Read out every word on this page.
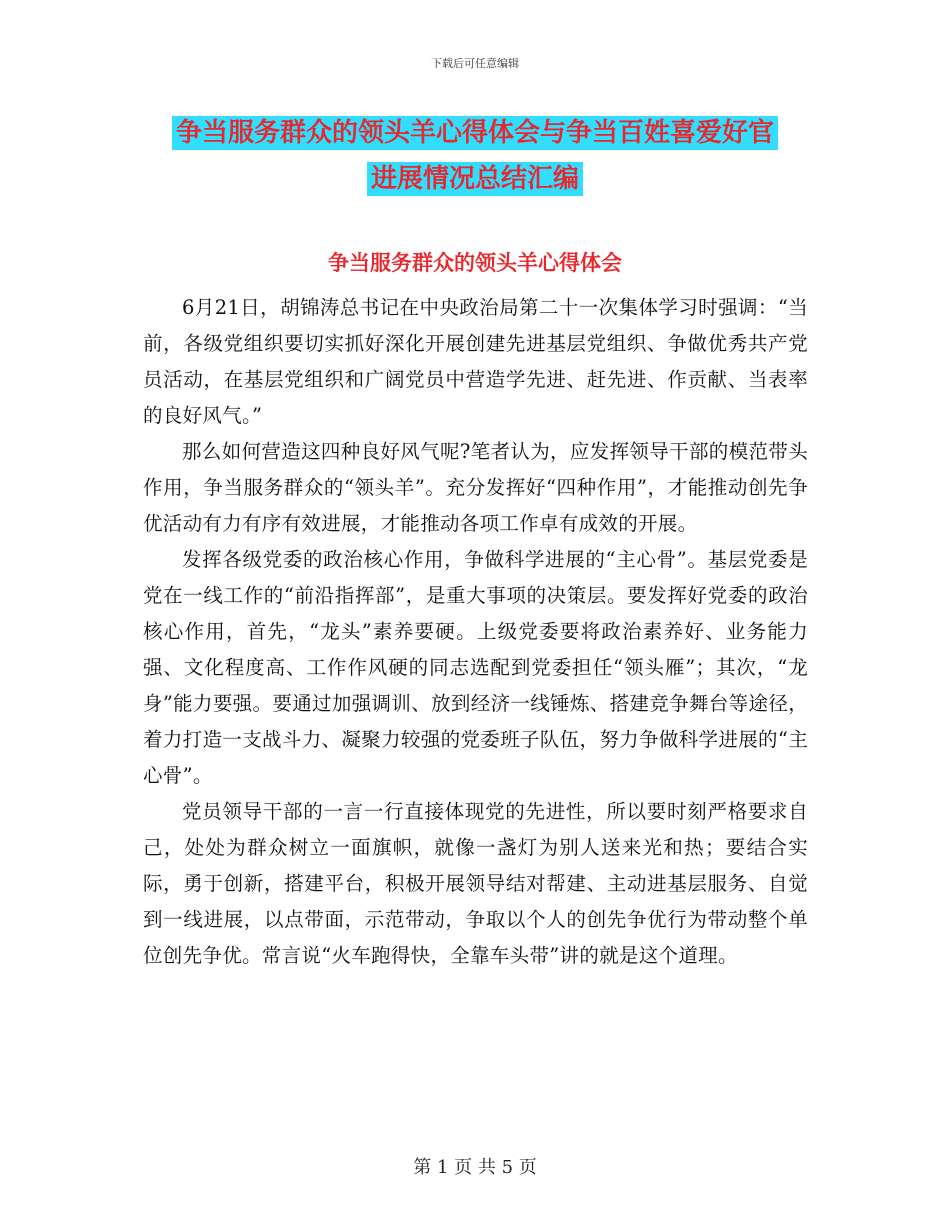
下载后可任意编辑
争当服务群众的领头羊心得体会与争当百姓喜爱好官
进展情况总结汇编
争当服务群众的领头羊心得体会

6月21日，胡锦涛总书记在中央政治局第二十一次集体学习时强调：“当前，各级党组织要切实抓好深化开展创建先进基层党组织、争做优秀共产党员活动，在基层党组织和广阔党员中营造学先进、赶先进、作贡献、当表率的良好风气。”

那么如何营造这四种良好风气呢?笔者认为，应发挥领导干部的模范带头作用，争当服务群众的“领头羊”。充分发挥好“四种作用”，才能推动创先争优活动有力有序有效进展，才能推动各项工作卓有成效的开展。

发挥各级党委的政治核心作用，争做科学进展的“主心骨”。基层党委是党在一线工作的“前沿指挥部”，是重大事项的决策层。要发挥好党委的政治核心作用，首先，“龙头”素养要硬。上级党委要将政治素养好、业务能力强、文化程度高、工作作风硬的同志选配到党委担任“领头雁”；其次，“龙身”能力要强。要通过加强调训、放到经济一线锤炼、搭建竞争舞台等途径，着力打造一支战斗力、凝聚力较强的党委班子队伍，努力争做科学进展的“主心骨”。

党员领导干部的一言一行直接体现党的先进性，所以要时刻严格要求自己，处处为群众树立一面旗帜，就像一盏灯为别人送来光和热；要结合实际，勇于创新，搭建平台，积极开展领导结对帮建、主动进基层服务、自觉到一线进展，以点带面，示范带动，争取以个人的创先争优行为带动整个单位创先争优。常言说“火车跑得快，全靠车头带”讲的就是这个道理。

第 1 页 共 5 页
